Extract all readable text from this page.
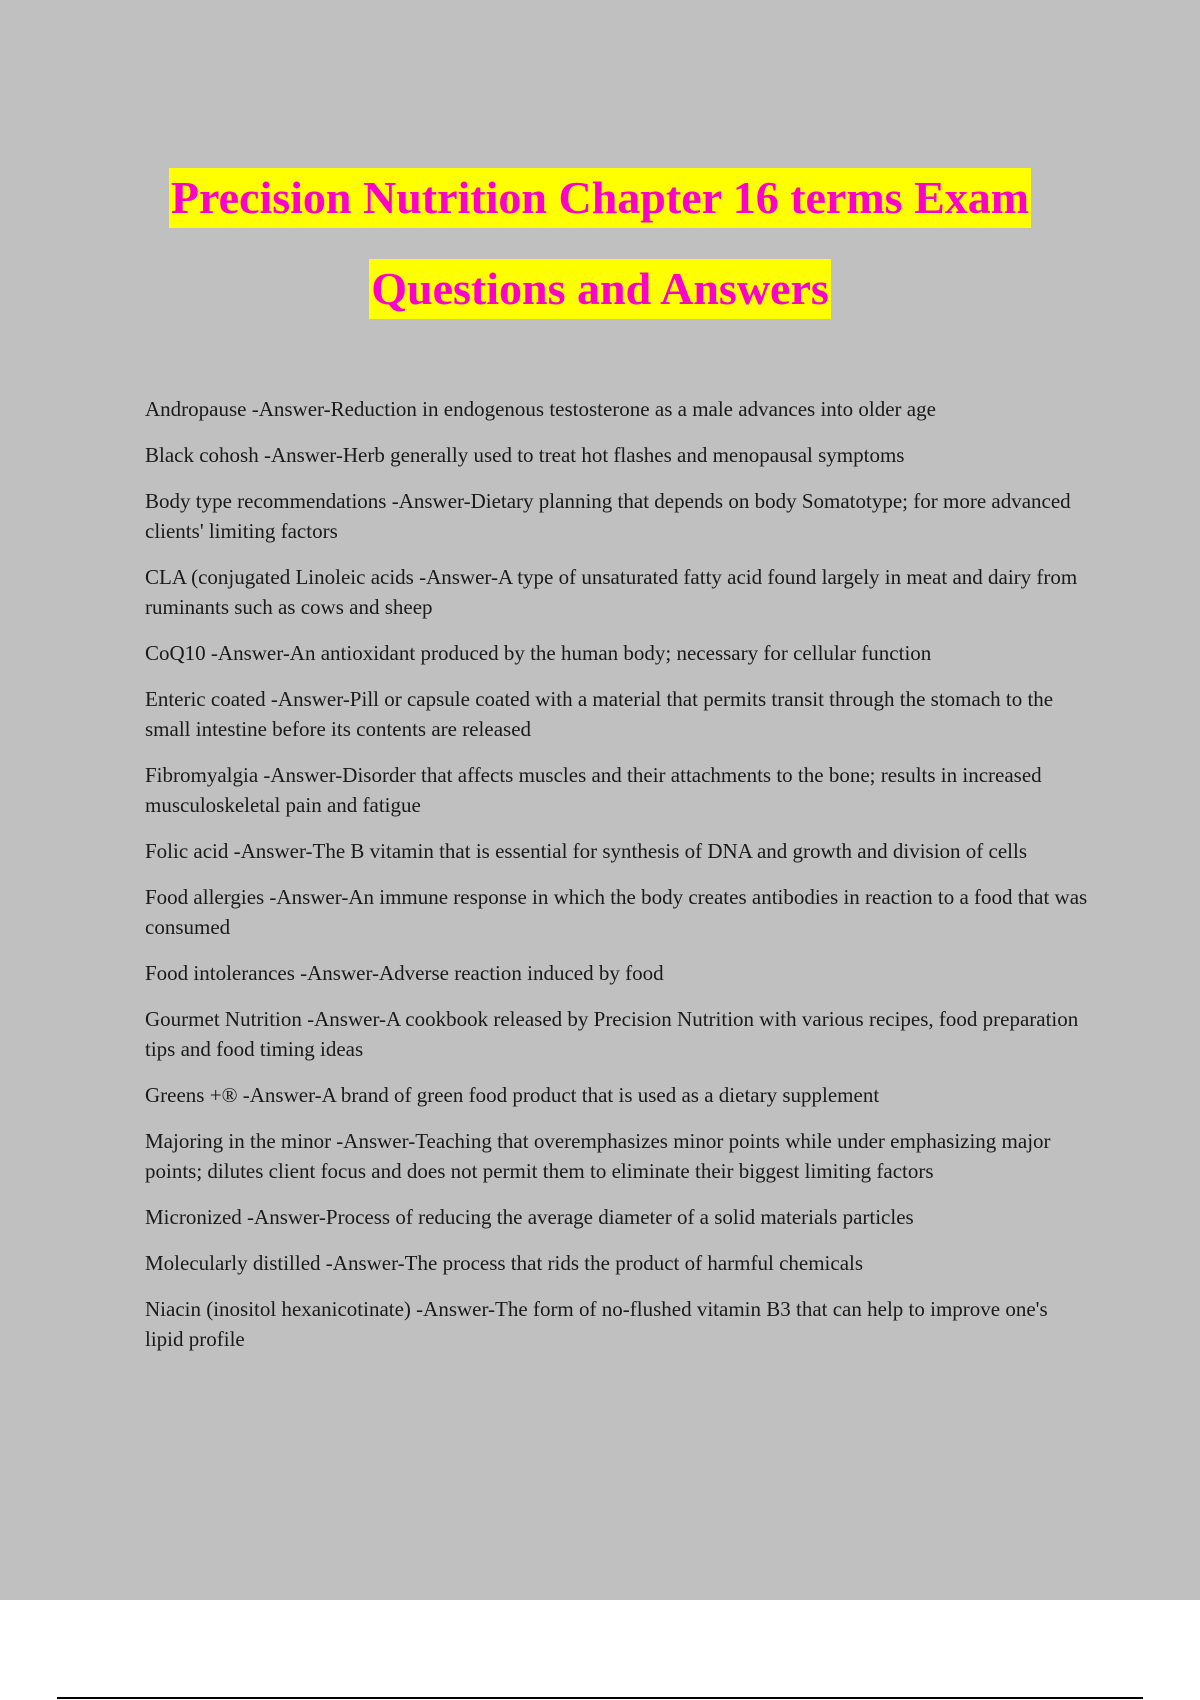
Precision Nutrition Chapter 16 terms Exam
Questions and Answers
Andropause -Answer-Reduction in endogenous testosterone as a male advances into older age
Black cohosh -Answer-Herb generally used to treat hot flashes and menopausal symptoms
Body type recommendations -Answer-Dietary planning that depends on body Somatotype; for more advanced clients' limiting factors
CLA (conjugated Linoleic acids -Answer-A type of unsaturated fatty acid found largely in meat and dairy from ruminants such as cows and sheep
CoQ10 -Answer-An antioxidant produced by the human body; necessary for cellular function
Enteric coated -Answer-Pill or capsule coated with a material that permits transit through the stomach to the small intestine before its contents are released
Fibromyalgia -Answer-Disorder that affects muscles and their attachments to the bone; results in increased musculoskeletal pain and fatigue
Folic acid -Answer-The B vitamin that is essential for synthesis of DNA and growth and division of cells
Food allergies -Answer-An immune response in which the body creates antibodies in reaction to a food that was consumed
Food intolerances -Answer-Adverse reaction induced by food
Gourmet Nutrition -Answer-A cookbook released by Precision Nutrition with various recipes, food preparation tips and food timing ideas
Greens +® -Answer-A brand of green food product that is used as a dietary supplement
Majoring in the minor -Answer-Teaching that overemphasizes minor points while under emphasizing major points; dilutes client focus and does not permit them to eliminate their biggest limiting factors
Micronized -Answer-Process of reducing the average diameter of a solid materials particles
Molecularly distilled -Answer-The process that rids the product of harmful chemicals
Niacin (inositol hexanicotinate) -Answer-The form of no-flushed vitamin B3 that can help to improve one's lipid profile
